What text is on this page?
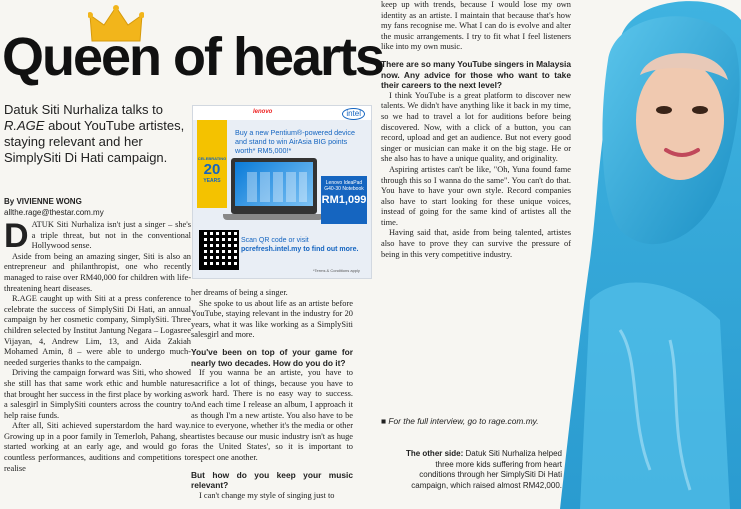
Queen of hearts
Datuk Siti Nurhaliza talks to R.AGE about YouTube artistes, staying relevant and her SimplySiti Di Hati campaign.
By VIVIENNE WONG
allthe.rage@thestar.com.my

DATUK Siti Nurhaliza isn't just a singer – she's a triple threat, but not in the conventional Hollywood sense.

Aside from being an amazing singer, Siti is also an entrepreneur and philanthropist, one who recently managed to raise over RM40,000 for children with life-threatening heart diseases.

R.AGE caught up with Siti at a press conference to celebrate the success of SimplySiti Di Hati, an annual campaign by her cosmetic company, SimplySiti. Three children selected by Institut Jantung Negara – Logasree Vijayan, 4, Andrew Lim, 13, and Aida Zakiah Mohamed Amin, 8 – were able to undergo much-needed surgeries thanks to the campaign.

Driving the campaign forward was Siti, who showed she still has that same work ethic and humble nature that brought her success in the first place by working as a salesgirl in SimplySiti counters across the country to help raise funds.

After all, Siti achieved superstardom the hard way. Growing up in a poor family in Temerloh, Pahang, she started working at an early age, and would go for countless performances, auditions and competitions to realise

lenovo	intel
CELEBRATING
20
YEARS
Buy a new Pentium®-powered device and stand to win AirAsia BIG points worth* RM5,000!*
Lenovo IdeaPad G40-30 Notebook
RM1,099
Scan QR code or visit
pcrefresh.intel.my to find out more.
*Terms & Conditions apply

her dreams of being a singer.

She spoke to us about life as an artiste before YouTube, staying relevant in the industry for 20 years, what it was like working as a SimplySiti salesgirl and more.

You've been on top of your game for nearly two decades. How do you do it?

If you wanna be an artiste, you have to sacrifice a lot of things, because you have to work hard. There is no easy way to success. And each time I release an album, I approach it as though I'm a new artiste. You also have to be nice to everyone, whether it's the media or other artistes because our music industry isn't as huge as the United States', so it is important to respect one another.

But how do you keep your music relevant?

I can't change my style of singing just to

keep up with trends, because I would lose my own identity as an artiste. I maintain that because that's how my fans recognise me. What I can do is evolve and alter the music arrangements. I try to fit what I feel listeners like into my own music.

There are so many YouTube singers in Malaysia now. Any advice for those who want to take their careers to the next level?

I think YouTube is a great platform to discover new talents. We didn't have anything like it back in my time, so we had to travel a lot for auditions before being discovered. Now, with a click of a button, you can record, upload and get an audience. But not every good singer or musician can make it on the big stage. He or she also has to have a unique quality, and originality.

Aspiring artistes can't be like, "Oh, Yuna found fame through this so I wanna do the same". You can't do that. You have to have your own style. Record companies also have to start looking for these unique voices, instead of going for the same kind of artistes all the time.

Having said that, aside from being talented, artistes also have to prove they can survive the pressure of being in this very competitive industry.

■ For the full interview, go to rage.com.my.
The other side: Datuk Siti Nurhaliza helped three more kids suffering from heart conditions through her SimplySiti Di Hati campaign, which raised almost RM42,000.
